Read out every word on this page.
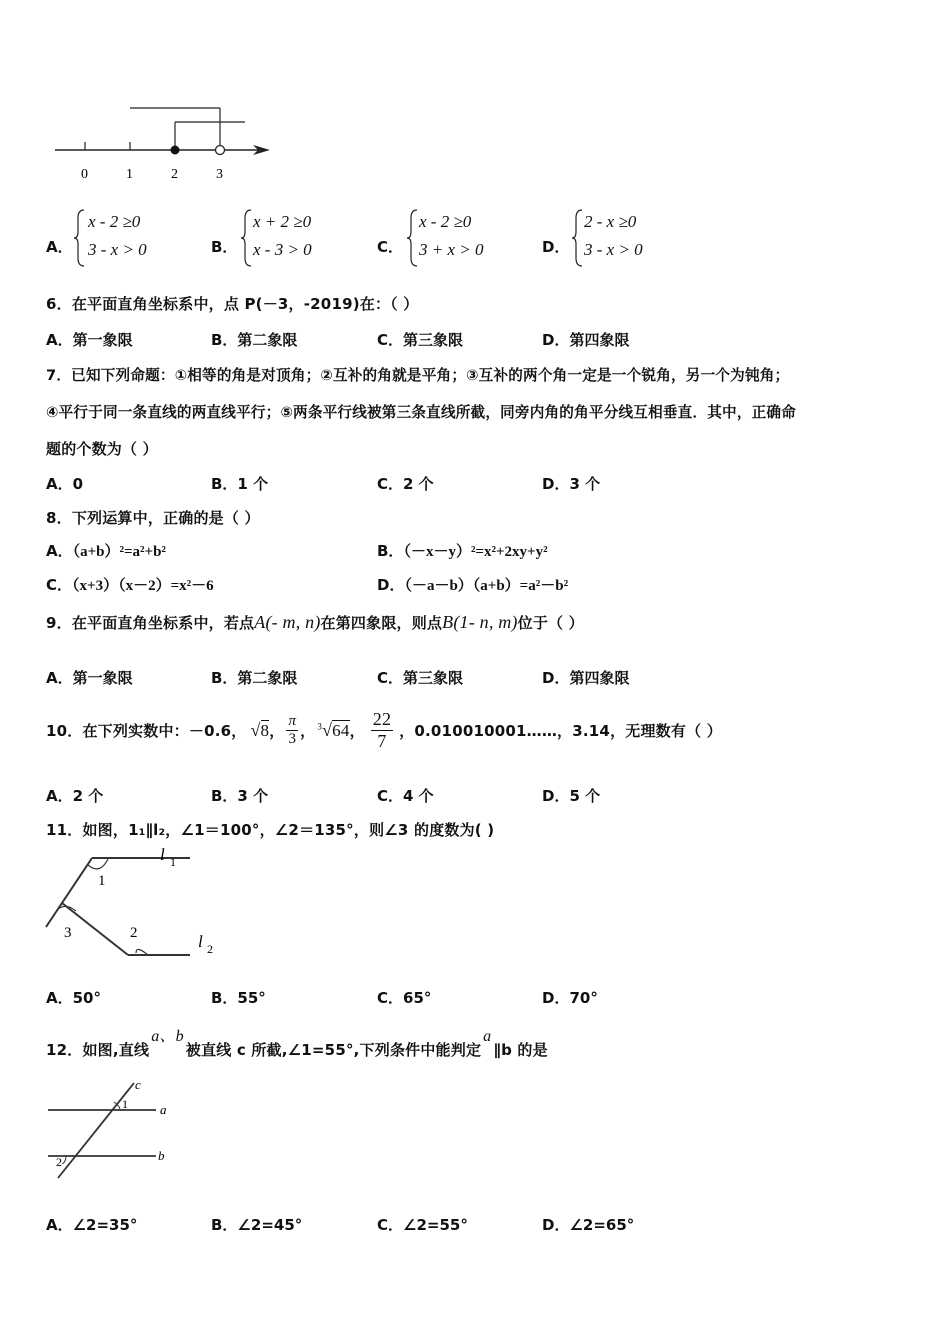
0	1	2	3
A．
x - 2 ≥0
3 - x > 0	B．
x + 2 ≥0
x - 3 > 0	C．
x - 2 ≥0
3 + x > 0	D．
2 - x ≥0
3 - x > 0
6．在平面直角坐标系中，点 P(－3，-2019)在：（ ）
A．第一象限	B．第二象限	C．第三象限	D．第四象限
7．已知下列命题：①相等的角是对顶角；②互补的角就是平角；③互补的两个角一定是一个锐角，另一个为钝角；
④平行于同一条直线的两直线平行；⑤两条平行线被第三条直线所截，同旁内角的角平分线互相垂直．其中，正确命
题的个数为（ ）
A．0	B．1 个	C．2 个	D．3 个
8．下列运算中，正确的是（ ）
A．（a+b）²=a²+b²	B．（－x－y）²=x²+2xy+y²
C．（x+3）（x－2）=x²－6	D．（－a－b）（a+b）=a²－b²
9．在平面直角坐标系中，若点A(- m, n)在第四象限，则点B(1- n, m)位于（ ）
A．第一象限	B．第二象限	C．第三象限	D．第四象限
10．在下列实数中： －0.6， √8 ， $\frac{\pi}{3}$ ， $^3$√64 ， $\frac{22}{7}$ ，0.010010001……，3.14，无理数有（ ）
A．2 个	B．3 个	C．4 个	D．5 个
11．如图，1₁∥l₂，∠1＝100°，∠2＝135°，则∠3 的度数为( )
l 1
l 2
1
3	2
A．50°	B．55°	C．65°	D．70°
12．如图,直线
a、b
被直线 c 所截,∠1=55°,下列条件中能判定
a
∥b 的是
c
a
b
1
2
A．∠2=35°	B．∠2=45°	C．∠2=55°	D．∠2=65°
